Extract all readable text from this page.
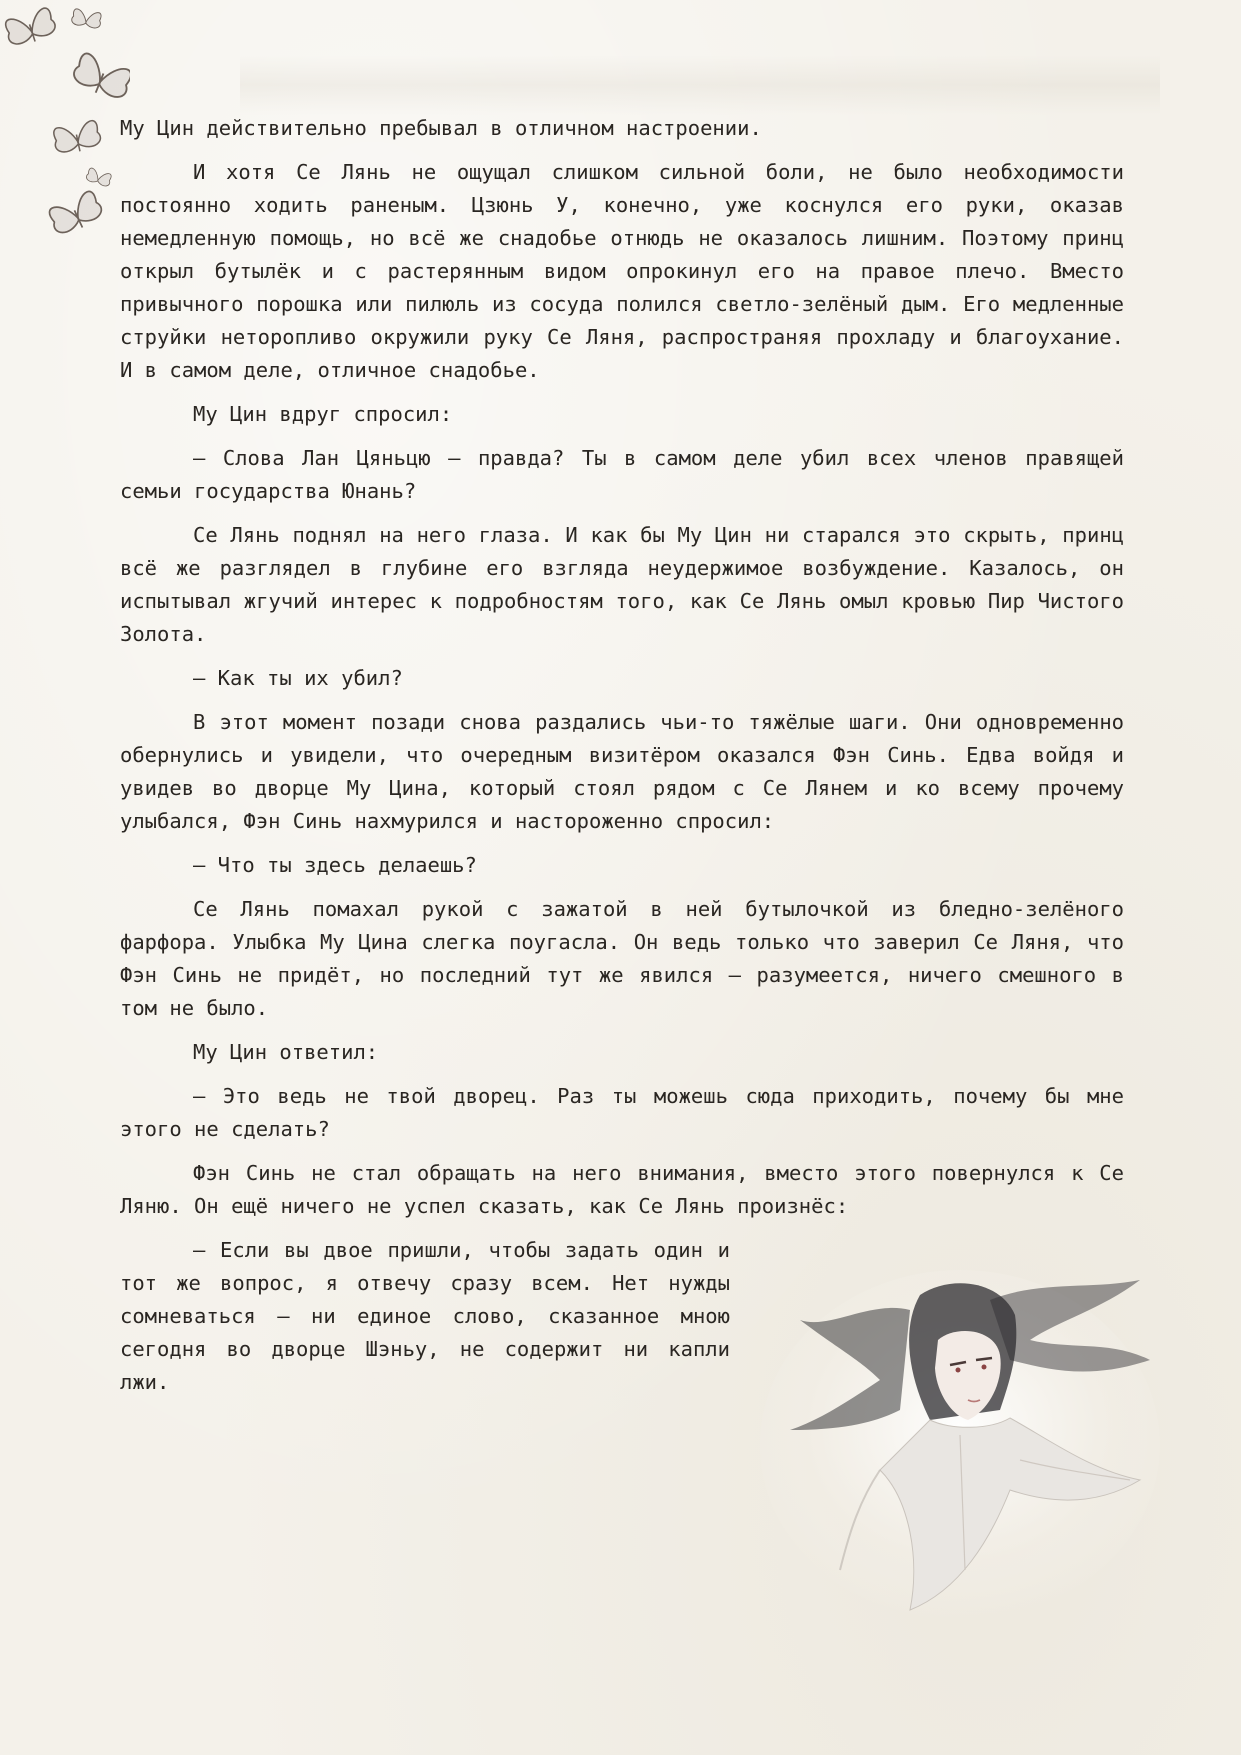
Му Цин действительно пребывал в отличном настроении.

И хотя Се Лянь не ощущал слишком сильной боли, не было необходимости постоянно ходить раненым. Цзюнь У, конечно, уже коснулся его руки, оказав немедленную помощь, но всё же снадобье отнюдь не оказалось лишним. Поэтому принц открыл бутылёк и с растерянным видом опрокинул его на правое плечо. Вместо привычного порошка или пилюль из сосуда полился светло-зелёный дым. Его медленные струйки неторопливо окружили руку Се Ляня, распространяя прохладу и благоухание. И в самом деле, отличное снадобье.

Му Цин вдруг спросил:

— Слова Лан Цяньцю — правда? Ты в самом деле убил всех членов правящей семьи государства Юнань?

Се Лянь поднял на него глаза. И как бы Му Цин ни старался это скрыть, принц всё же разглядел в глубине его взгляда неудержимое возбуждение. Казалось, он испытывал жгучий интерес к подробностям того, как Се Лянь омыл кровью Пир Чистого Золота.

— Как ты их убил?

В этот момент позади снова раздались чьи-то тяжёлые шаги. Они одновременно обернулись и увидели, что очередным визитёром оказался Фэн Синь. Едва войдя и увидев во дворце Му Цина, который стоял рядом с Се Лянем и ко всему прочему улыбался, Фэн Синь нахмурился и настороженно спросил:

— Что ты здесь делаешь?

Се Лянь помахал рукой с зажатой в ней бутылочкой из бледно-зелёного фарфора. Улыбка Му Цина слегка поугасла. Он ведь только что заверил Се Ляня, что Фэн Синь не придёт, но последний тут же явился — разумеется, ничего смешного в том не было.

Му Цин ответил:

— Это ведь не твой дворец. Раз ты можешь сюда приходить, почему бы мне этого не сделать?

Фэн Синь не стал обращать на него внимания, вместо этого повернулся к Се Ляню. Он ещё ничего не успел сказать, как Се Лянь произнёс:

— Если вы двое пришли, чтобы задать один и тот же вопрос, я отвечу сразу всем. Нет нужды сомневаться — ни единое слово, сказанное мною сегодня во дворце Шэньу, не содержит ни капли лжи.
